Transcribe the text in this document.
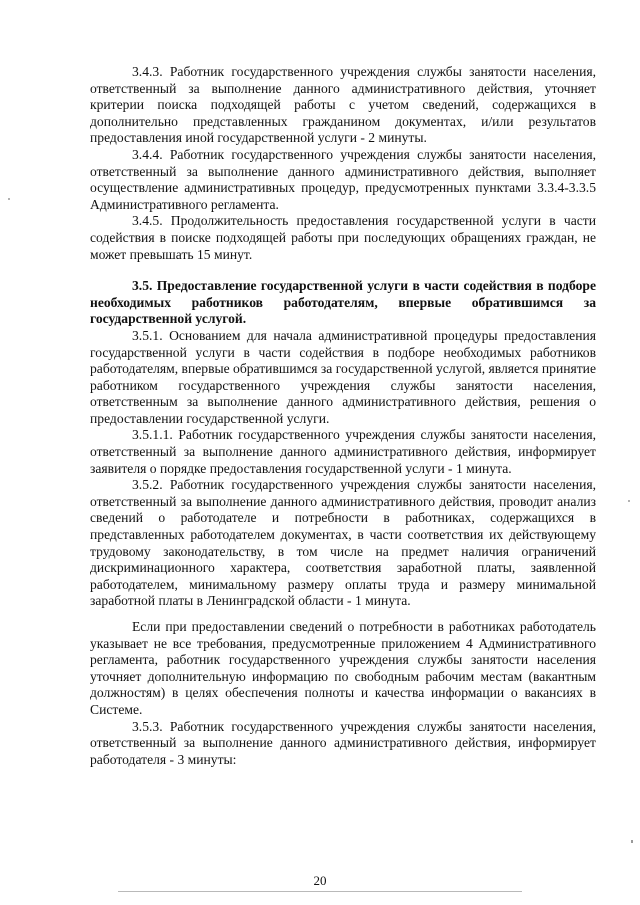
3.4.3. Работник государственного учреждения службы занятости населения, ответственный за выполнение данного административного действия, уточняет критерии поиска подходящей работы с учетом сведений, содержащихся в дополнительно представленных гражданином документах, и/или результатов предоставления иной государственной услуги - 2 минуты.

3.4.4. Работник государственного учреждения службы занятости населения, ответственный за выполнение данного административного действия, выполняет осуществление административных процедур, предусмотренных пунктами 3.3.4-3.3.5 Административного регламента.

3.4.5. Продолжительность предоставления государственной услуги в части содействия в поиске подходящей работы при последующих обращениях граждан, не может превышать 15 минут.

3.5. Предоставление государственной услуги в части содействия в подборе необходимых работников работодателям, впервые обратившимся за государственной услугой.

3.5.1. Основанием для начала административной процедуры предоставления государственной услуги в части содействия в подборе необходимых работников работодателям, впервые обратившимся за государственной услугой, является принятие работником государственного учреждения службы занятости населения, ответственным за выполнение данного административного действия, решения о предоставлении государственной услуги.

3.5.1.1. Работник государственного учреждения службы занятости населения, ответственный за выполнение данного административного действия, информирует заявителя о порядке предоставления государственной услуги - 1 минута.

3.5.2. Работник государственного учреждения службы занятости населения, ответственный за выполнение данного административного действия, проводит анализ сведений о работодателе и потребности в работниках, содержащихся в представленных работодателем документах, в части соответствия их действующему трудовому законодательству, в том числе на предмет наличия ограничений дискриминационного характера, соответствия заработной платы, заявленной работодателем, минимальному размеру оплаты труда и размеру минимальной заработной платы в Ленинградской области - 1 минута.

Если при предоставлении сведений о потребности в работниках работодатель указывает не все требования, предусмотренные приложением 4 Административного регламента, работник государственного учреждения службы занятости населения уточняет дополнительную информацию по свободным рабочим местам (вакантным должностям) в целях обеспечения полноты и качества информации о вакансиях в Системе.

3.5.3. Работник государственного учреждения службы занятости населения, ответственный за выполнение данного административного действия, информирует работодателя - 3 минуты:

20
